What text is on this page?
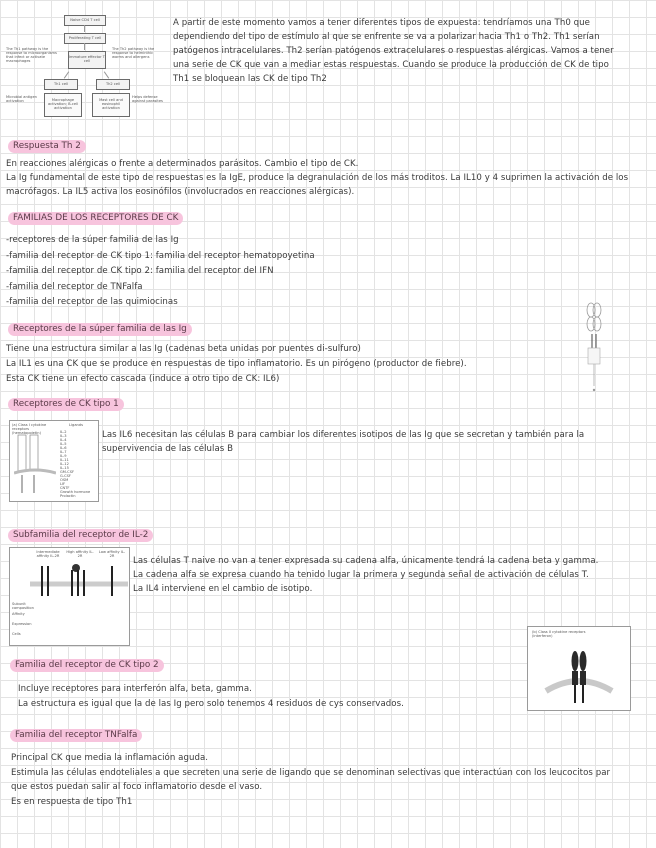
Naive CD4 T cell
Proliferating T cell
Immature effector T cell
The Th1 pathway is the response to microorganisms that infect or activate macrophages
The Th2 pathway is the response to helminthic worms and allergens
Th1 cell	Th2 cell
Microbial antigen activation	Macrophage activation; B-cell activation
Mast cell and eosinophil activation
Helps defense against parasites

A partir de este momento vamos a tener diferentes tipos de expuesta: tendríamos una Th0 que dependiendo del tipo de estímulo al que se enfrente se va a polarizar hacia Th1 o Th2. Th1 serían patógenos intracelulares. Th2 serían patógenos extracelulares o respuestas alérgicas. Vamos a tener una serie de CK que van a mediar estas respuestas. Cuando se produce la producción de CK de tipo Th1 se bloquean las CK de tipo Th2

Respuesta Th 2

En reacciones alérgicas o frente a determinados parásitos. Cambio el tipo de CK.

La Ig fundamental de este tipo de respuestas es la IgE, produce la degranulación de los más troditos. La IL10 y 4 suprimen la activación de los macrófagos. La IL5 activa los eosinófilos (involucrados en reacciones alérgicas).

FAMILIAS DE LOS RECEPTORES DE CK

-receptores de la súper familia de las Ig

-familia del receptor de CK tipo 1: familia del receptor hematopoyetina

-familia del receptor de CK tipo 2: familia del receptor del IFN

-familia del receptor de TNFalfa

-familia del receptor de las quimiocinas

Receptores de la súper familia de las Ig

Tiene una estructura similar a las Ig (cadenas beta unidas por puentes di-sulfuro)

La IL1 es una CK que se produce en respuestas de tipo inflamatorio. Es un pirógeno (productor de fiebre).

Esta CK tiene un efecto cascada (induce a otro tipo de CK: IL6)

Receptores de CK tipo 1
(a) Class I cytokine receptors (hematopoietin)
Ligands
IL-2
IL-3
IL-4
IL-5
IL-6
IL-7
IL-9
IL-11
IL-12
IL-15
GM-CSF
G-CSF
OSM
LIF
CNTF
Growth hormone
Prolactin

Las IL6 necesitan las células B para cambiar los diferentes isotipos de las Ig que se secretan y también para la supervivencia de las células B

Subfamilia del receptor de IL-2
Intermediate affinity IL-2R
High affinity IL-2R
Low affinity IL-2R
Subunit composition
Affinity
Expression
Cells

Las células T naive no van a tener expresada su cadena alfa, únicamente tendrá la cadena beta y gamma.

La cadena alfa se expresa cuando ha tenido lugar la primera y segunda señal de activación de células T.

La IL4 interviene en el cambio de isotipo.

Familia del receptor de CK tipo 2

Incluye receptores para interferón alfa, beta, gamma.

La estructura es igual que la de las Ig pero solo tenemos 4 residuos de cys conservados.

(b) Class II cytokine receptors (interferon)
Familia del receptor TNFalfa

Principal CK que media la inflamación aguda.

Estimula las células endoteliales a que secreten una serie de ligando que se denominan selectivas que interactúan con los leucocitos par que estos puedan salir al foco inflamatorio desde el vaso.

Es en respuesta de tipo Th1
